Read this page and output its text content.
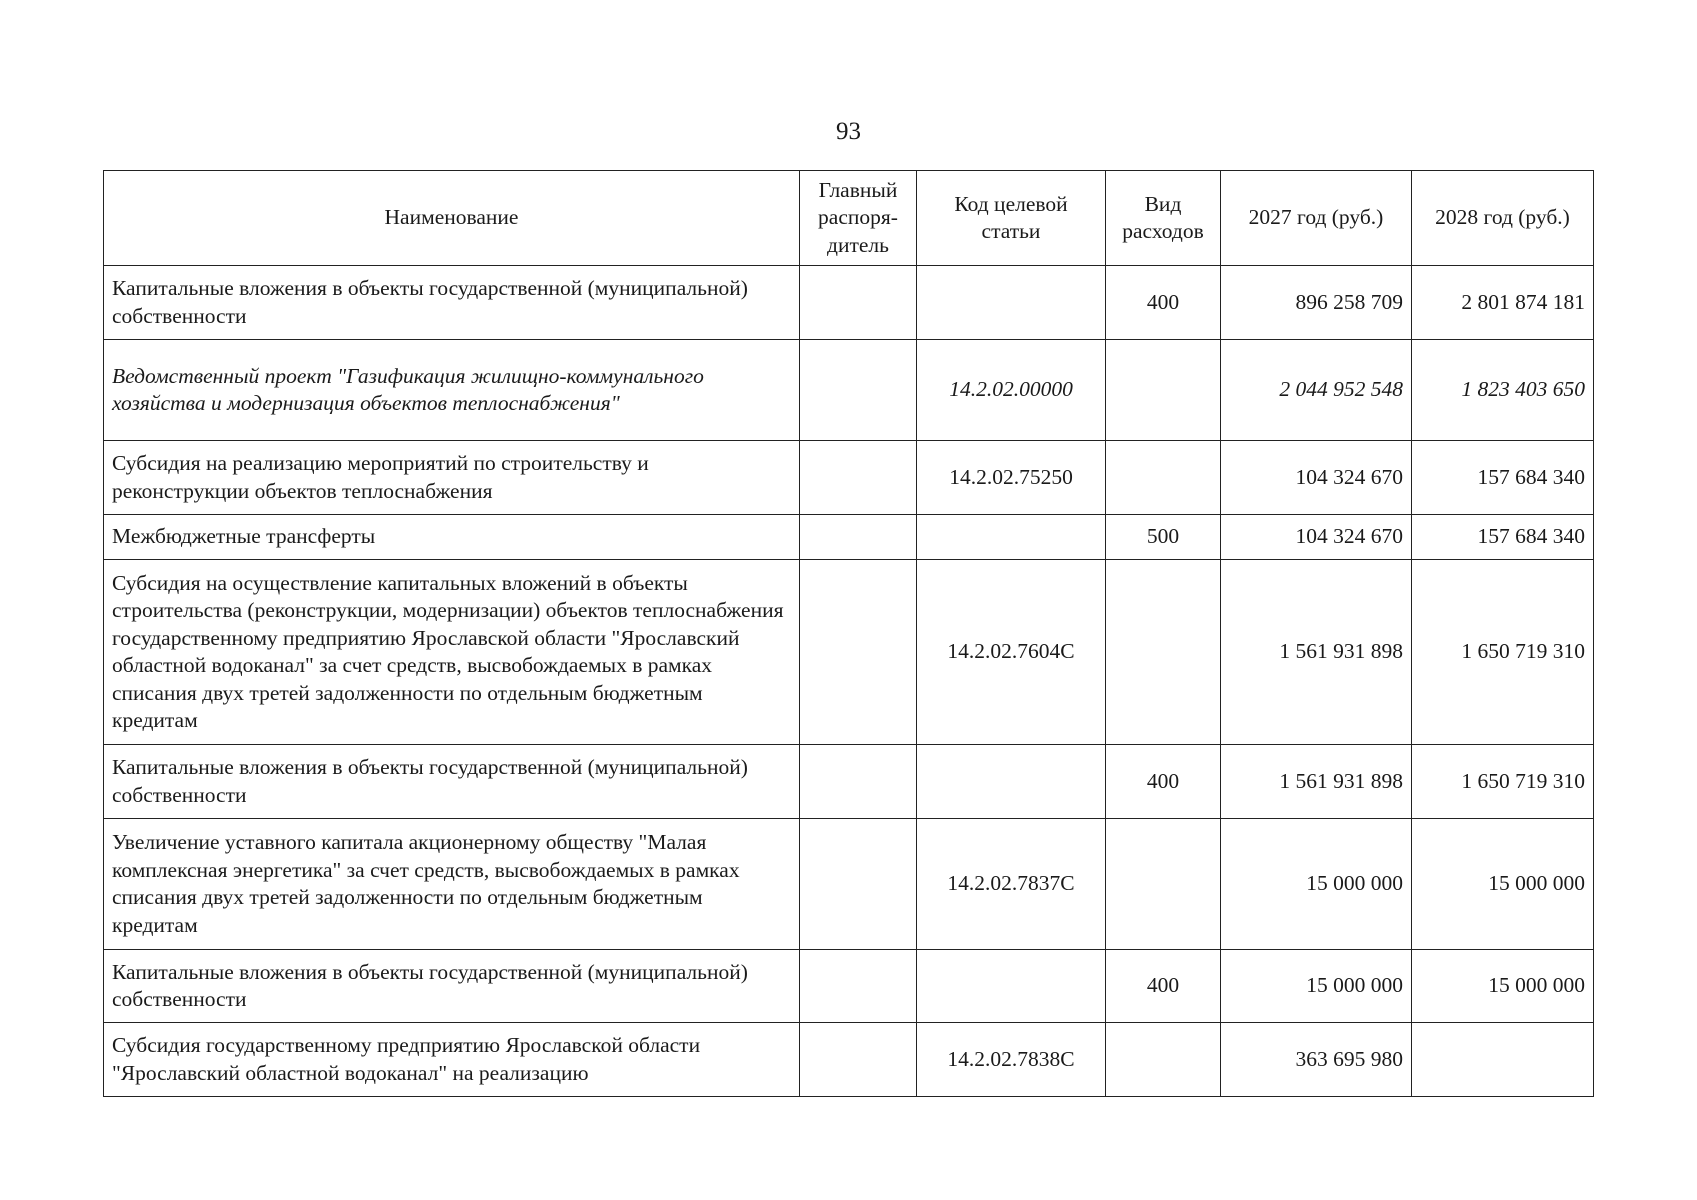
93
Наименование	Главный распоря-дитель	Код целевой статьи	Вид расходов	2027 год (руб.)	2028 год (руб.)
Капитальные вложения в объекты государственной (муниципальной) собственности			400	896 258 709	2 801 874 181
Ведомственный проект "Газификация жилищно-коммунального хозяйства и модернизация объектов теплоснабжения"		14.2.02.00000		2 044 952 548	1 823 403 650
Субсидия на реализацию мероприятий по строительству и реконструкции объектов теплоснабжения		14.2.02.75250		104 324 670	157 684 340
Межбюджетные трансферты			500	104 324 670	157 684 340
Субсидия на осуществление капитальных вложений в объекты строительства (реконструкции, модернизации) объектов теплоснабжения государственному предприятию Ярославской области "Ярославский областной водоканал" за счет средств, высвобождаемых в рамках списания двух третей задолженности по отдельным бюджетным кредитам		14.2.02.7604С		1 561 931 898	1 650 719 310
Капитальные вложения в объекты государственной (муниципальной) собственности			400	1 561 931 898	1 650 719 310
Увеличение уставного капитала акционерному обществу "Малая комплексная энергетика" за счет средств, высвобождаемых в рамках списания двух третей задолженности по отдельным бюджетным кредитам		14.2.02.7837С		15 000 000	15 000 000
Капитальные вложения в объекты государственной (муниципальной) собственности			400	15 000 000	15 000 000
Субсидия государственному предприятию Ярославской области "Ярославский областной водоканал" на реализацию		14.2.02.7838С		363 695 980	
